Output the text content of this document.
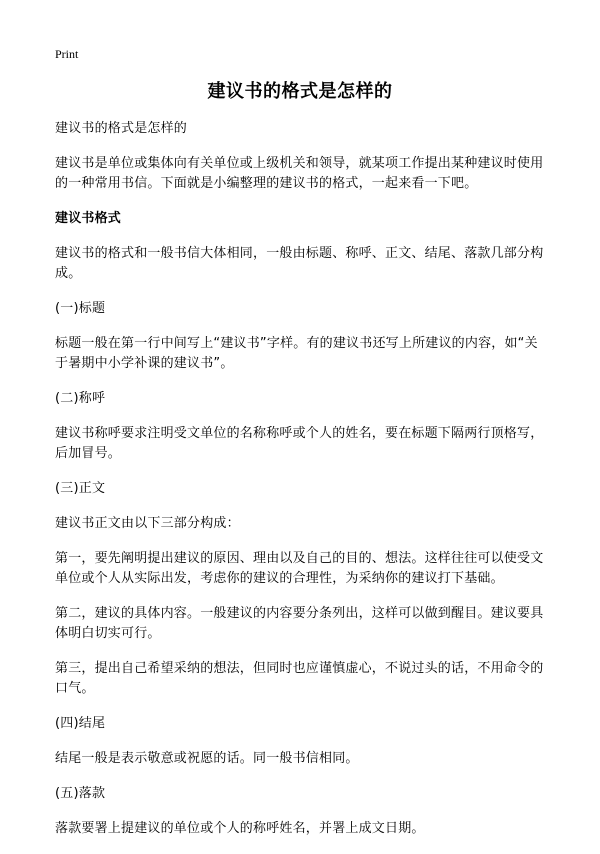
Print
建议书的格式是怎样的

建议书的格式是怎样的

建议书是单位或集体向有关单位或上级机关和领导，就某项工作提出某种建议时使用的一种常用书信。下面就是小编整理的建议书的格式，一起来看一下吧。

建议书格式

建议书的格式和一般书信大体相同，一般由标题、称呼、正文、结尾、落款几部分构成。

(一)标题

标题一般在第一行中间写上“建议书”字样。有的建议书还写上所建议的内容，如“关于暑期中小学补课的建议书”。

(二)称呼

建议书称呼要求注明受文单位的名称称呼或个人的姓名，要在标题下隔两行顶格写，后加冒号。

(三)正文

建议书正文由以下三部分构成：

第一，要先阐明提出建议的原因、理由以及自己的目的、想法。这样往往可以使受文单位或个人从实际出发，考虑你的建议的合理性，为采纳你的建议打下基础。

第二，建议的具体内容。一般建议的内容要分条列出，这样可以做到醒目。建议要具体明白切实可行。

第三，提出自己希望采纳的想法，但同时也应谨慎虚心，不说过头的话，不用命令的口气。

(四)结尾

结尾一般是表示敬意或祝愿的话。同一般书信相同。

(五)落款

落款要署上提建议的单位或个人的称呼姓名，并署上成文日期。
